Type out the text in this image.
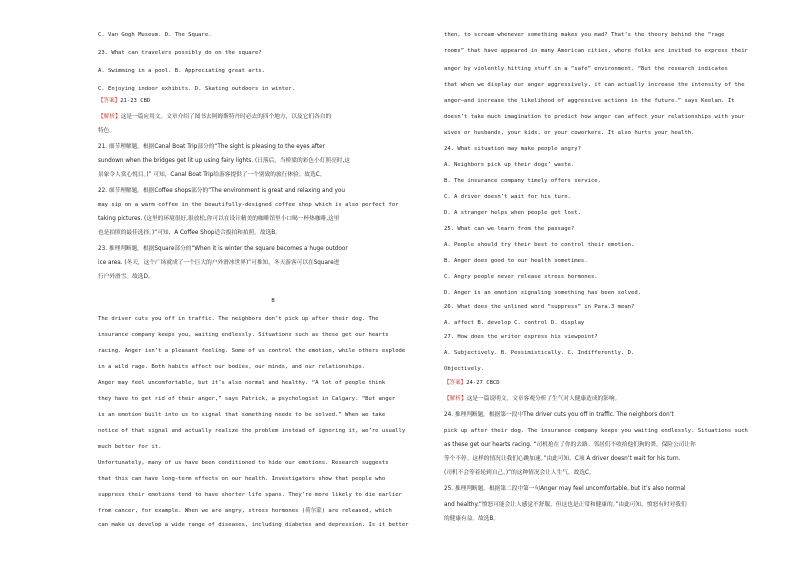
C. Van Gogh Museum. D. The Square.
23. What can travelers possibly do on the square?
A. Swimming in a pool. B. Appreciating great arts.
C. Enjoying indoor exhibits. D. Skating outdoors in winter.
【答案】21-23 CBD
【解析】这是一篇应用文。文章介绍了图书去阿姆斯特丹时必去的四个地方，以及它们各自的
特色。
21. 细节理解题。根据Canal Boat Trip部分的“The sight is pleasing to the eyes after
sundown when the bridges get lit up using fairy lights. (日落后，当桥梁的彩色小灯照亮时,这
景象令人赏心悦目。)” 可知，Canal Boat Trip给游客提供了一个别致的旅行体验。故选C。
22. 细节理解题。根据Coffee shops部分的“The environment is great and relaxing and you
may sip on a warm coffee in the beautifully-designed coffee shop which is also perfect for
taking pictures. (这里的环境很好,很放松,你可以在设计精美的咖啡馆里小口喝一杯热咖啡,这里
也是拍照的最佳选择。)”可知，A Coffee Shop适合拔拍和拍照。故选B。
23. 推理判断题。根据Square部分的“When it is winter the square becomes a huge outdoor
ice area. (冬天，这个广场就成了一个巨大的户外滑冰世界)”可推知，冬天游客可以在Square进
行户外滑雪。故选D。
B
The driver cuts you off in traffic. The neighbors don’t pick up after their dog. The
insurance company keeps you, waiting endlessly. Situations such as these get our hearts
racing. Anger isn’t a pleasant feeling. Some of us control the emotion, while others explode
in a wild rage. Both habits affect our bodies, our minds, and our relationships.
Anger may feel uncomfortable, but it’s also normal and healthy. “A lot of people think
they have to get rid of their anger,” says Patrick, a psychologist in Calgary. “But anger
is an emotion built into us to signal that something needs to be solved.” When we take
notice of that signal and actually realize the problem instead of ignoring it, we’re usually
much better for it.
Unfortunately, many of us have been conditioned to hide our emotions. Research suggests
that this can have long-term effects on our health. Investigators show that people who
suppress their emotions tend to have shorter life spans. They’re more likely to die earlier
from cancer, for example. When we are angry, stress hormones (荷尔蒙) are released, which
can make us develop a wide range of diseases, including diabetes and depression. Is it better
then, to scream whenever something makes you mad? That’s the theory behind the “rage
rooms” that have appeared in many American cities, where folks are invited to express their
anger by violently hitting stuff in a “safe” environment. “But the research indicates
that when we display our anger aggressively, it can actually increase the intensity of the
anger—and increase the likelihood of aggressive actions in the future.” says Keelan. It
doesn’t take much imagination to predict how anger can affect your relationships with your
wives or husbands, your kids, or your coworkers. It also hurts your health.
24. What situation may make people angry?
A. Neighbors pick up their dogs’ waste.
B. The insurance company timely offers service.
C. A driver doesn’t wait for his turn.
D. A stranger helps when people get lost.
25. What can we learn from the passage?
A. People should try their best to control their emotion.
B. Anger does good to our health sometimes.
C. Angry people never release stress hormones.
D. Anger is an emotion signaling something has been solved.
26. What does the unlined word “suppress” in Para.3 mean?
A. affect B. develop C. control D. display
27. How does the writer express his viewpoint?
A. Subjectively. B. Pessimistically. C. Indifferently. D.
Objectively.
【答案】24-27 CBCD
【解析】这是一篇说明文。文章客观分析了生气对人健康造成的影响。
24. 推理判断题。根据第一段中The driver cuts you off in traffic. The neighbors don’t
pick up after their dog. The insurance company keeps you waiting endlessly. Situations such
as these get our hearts racing. “司机抢在了你的去路。邻居们不收拾他们狗的粪。保险公司让你
等个不停。这样的情况让我们心跳加速。”由此可知，C项 A driver doesn’t wait for his turn.
(司机不会等着轮到自己。)”的这种情况会让人生气。故选C。
25. 推理判断题。根据第二段中第一句Anger may feel uncomfortable, but it’s also normal
and healthy.“愤怒可能会让人感觉不舒服，但这也是正常和健康的。”由此可知，愤怒有时对我们
的健康有益。故选B。
